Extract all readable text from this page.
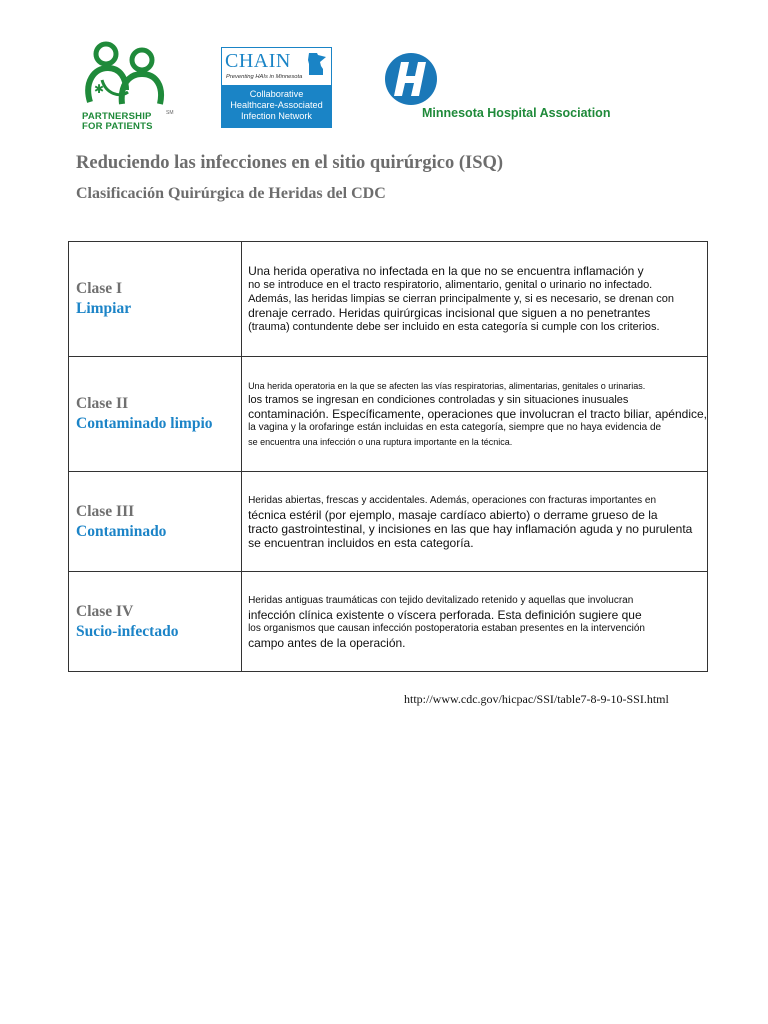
✱
PARTNERSHIP
FOR PATIENTS
SM
CHAIN
Preventing HAIs in Minnesota
Collaborative
Healthcare-Associated
Infection Network	Minnesota Hospital Association
Reduciendo las infecciones en el sitio quirúrgico (ISQ)
Clasificación Quirúrgica de Heridas del CDC
Clase I
Limpiar	Una herida operativa no infectada en la que no se encuentra inflamación y
no se introduce en el tracto respiratorio, alimentario, genital o urinario no infectado.
Además, las heridas limpias se cierran principalmente y, si es necesario, se drenan con
drenaje cerrado. Heridas quirúrgicas incisional que siguen a no penetrantes
(trauma) contundente debe ser incluido en esta categoría si cumple con los criterios.

Clase II
Contaminado limpio	Una herida operatoria en la que se afecten las vías respiratorias, alimentarias, genitales o urinarias.
los tramos se ingresan en condiciones controladas y sin situaciones inusuales
contaminación. Específicamente, operaciones que involucran el tracto biliar, apéndice,
la vagina y la orofaringe están incluidas en esta categoría, siempre que no haya evidencia de
se encuentra una infección o una ruptura importante en la técnica.

Clase III
Contaminado	Heridas abiertas, frescas y accidentales. Además, operaciones con fracturas importantes en
técnica estéril (por ejemplo, masaje cardíaco abierto) o derrame grueso de la
tracto gastrointestinal, y incisiones en las que hay inflamación aguda y no purulenta
se encuentran incluidos en esta categoría.

Clase IV
Sucio-infectado	Heridas antiguas traumáticas con tejido devitalizado retenido y aquellas que involucran
infección clínica existente o víscera perforada. Esta definición sugiere que
los organismos que causan infección postoperatoria estaban presentes en la intervención
campo antes de la operación.
http://www.cdc.gov/hicpac/SSI/table7-8-9-10-SSI.html
